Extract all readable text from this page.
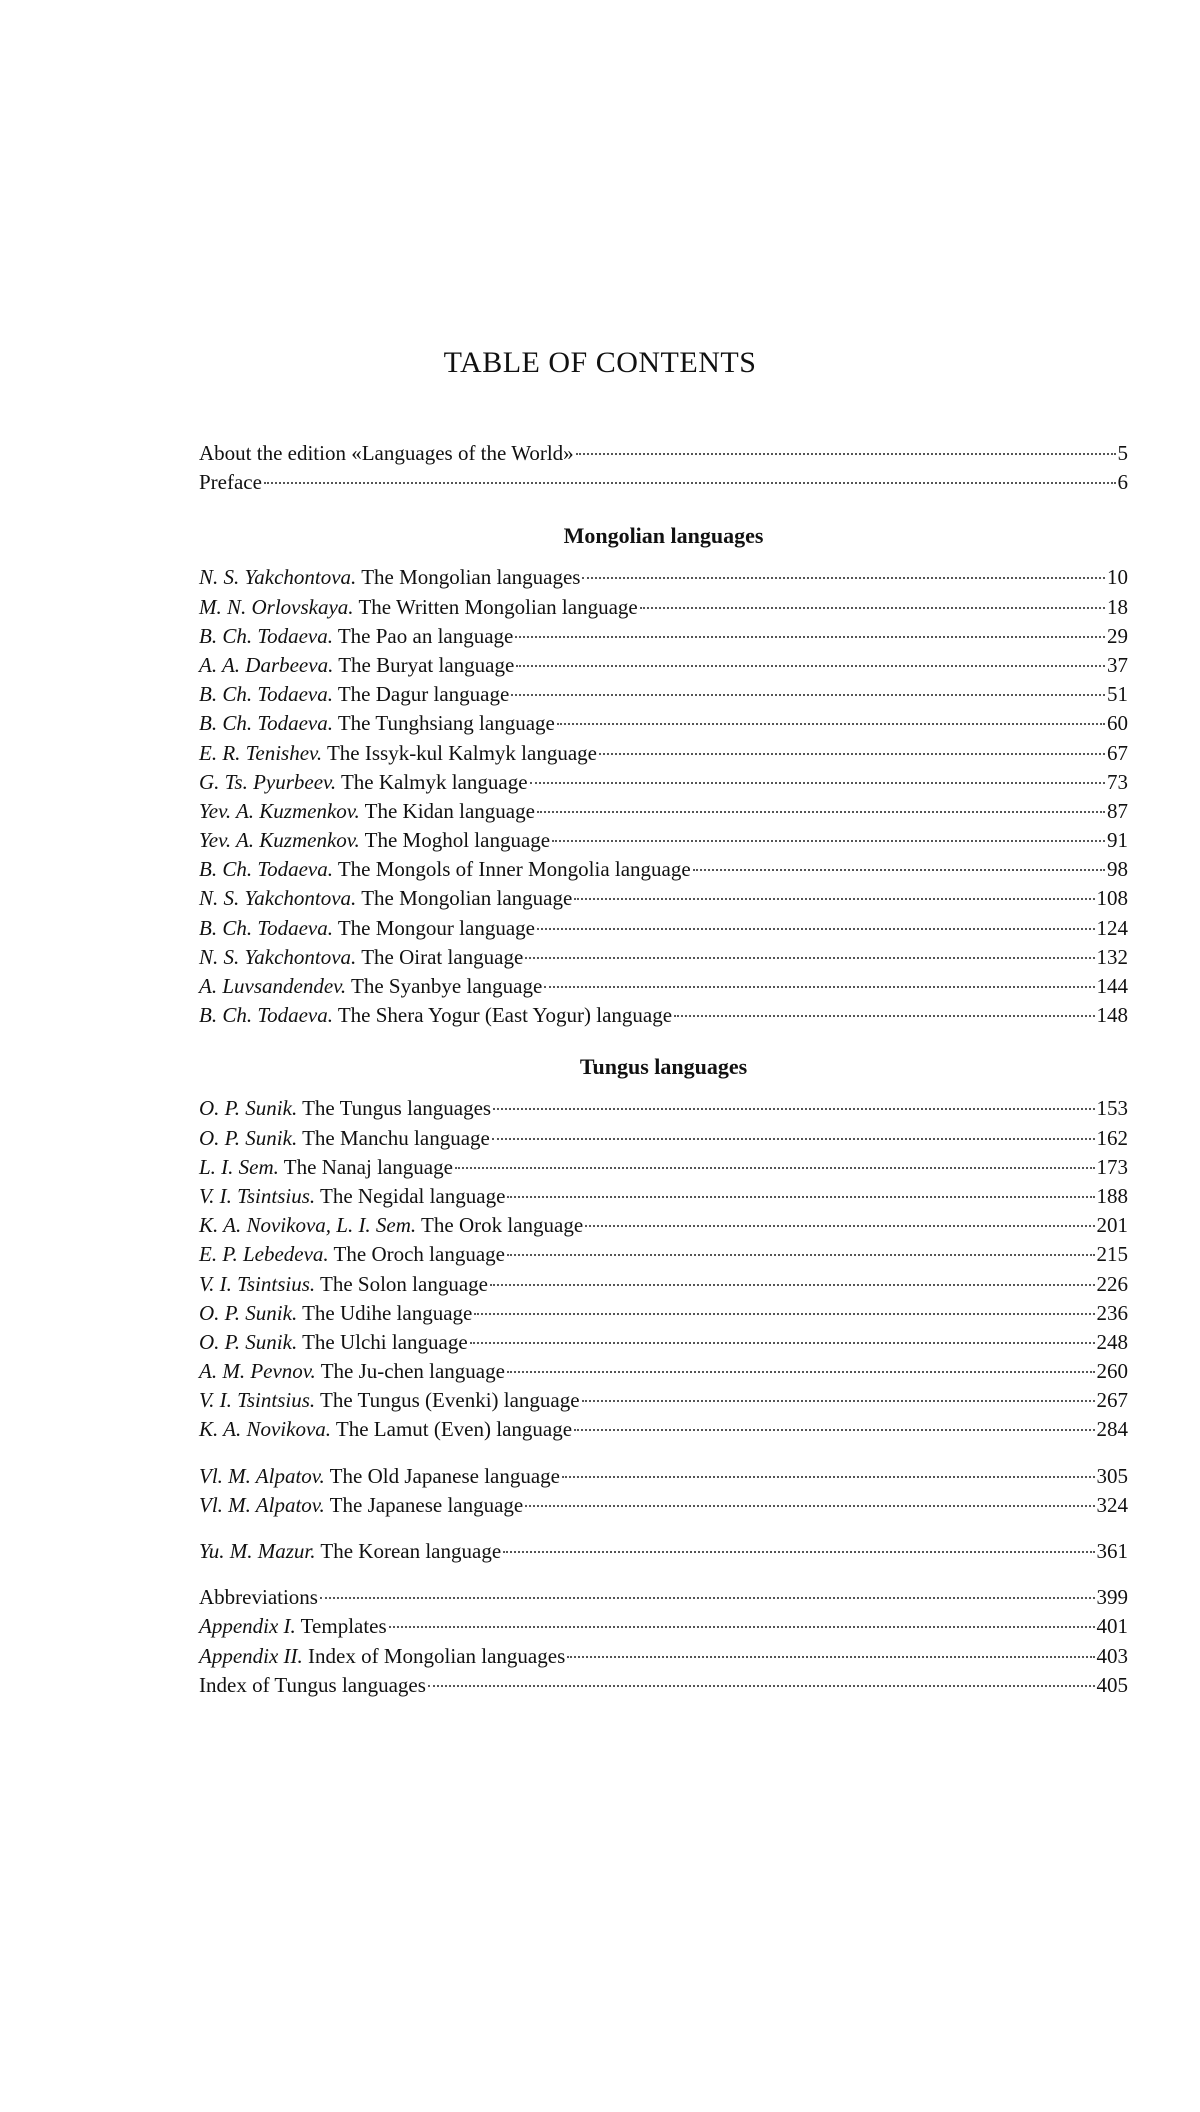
TABLE OF CONTENTS
About the edition «Languages of the World»	5
Preface	6
Mongolian languages
N. S. Yakchontova. The Mongolian languages	10
M. N. Orlovskaya. The Written Mongolian language	18
B. Ch. Todaeva. The Pao an language	29
A. A. Darbeeva. The Buryat language	37
B. Ch. Todaeva. The Dagur language	51
B. Ch. Todaeva. The Tunghsiang language	60
E. R. Tenishev. The Issyk-kul Kalmyk language	67
G. Ts. Pyurbeev. The Kalmyk language	73
Yev. A. Kuzmenkov. The Kidan language	87
Yev. A. Kuzmenkov. The Moghol language	91
B. Ch. Todaeva. The Mongols of Inner Mongolia language	98
N. S. Yakchontova. The Mongolian language	108
B. Ch. Todaeva. The Mongour language	124
N. S. Yakchontova. The Oirat language	132
A. Luvsandendev. The Syanbye language	144
B. Ch. Todaeva. The Shera Yogur (East Yogur) language	148
Tungus languages
O. P. Sunik. The Tungus languages	153
O. P. Sunik. The Manchu language	162
L. I. Sem. The Nanaj language	173
V. I. Tsintsius. The Negidal language	188
K. A. Novikova, L. I. Sem. The Orok language	201
E. P. Lebedeva. The Oroch language	215
V. I. Tsintsius. The Solon language	226
O. P. Sunik. The Udihe language	236
O. P. Sunik. The Ulchi language	248
A. M. Pevnov. The Ju-chen language	260
V. I. Tsintsius. The Tungus (Evenki) language	267
K. A. Novikova. The Lamut (Even) language	284
Vl. M. Alpatov. The Old Japanese language	305
Vl. M. Alpatov. The Japanese language	324
Yu. M. Mazur. The Korean language	361
Abbreviations	399
Appendix I. Templates	401
Appendix II. Index of Mongolian languages	403
Index of Tungus languages	405
